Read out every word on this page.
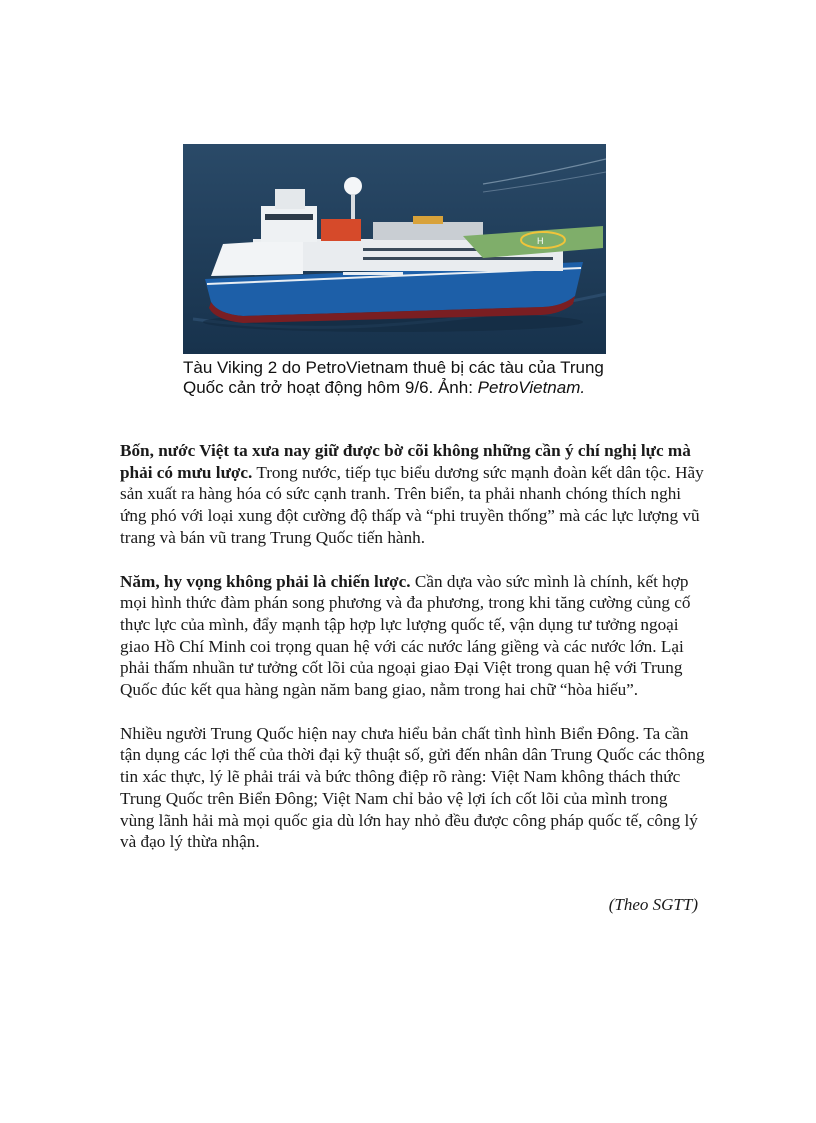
H
Tàu Viking 2 do PetroVietnam thuê bị các tàu của Trung Quốc cản trở hoạt động hôm 9/6. Ảnh: PetroVietnam.

Bốn, nước Việt ta xưa nay giữ được bờ cõi không những cần ý chí nghị lực mà phải có mưu lược. Trong nước, tiếp tục biểu dương sức mạnh đoàn kết dân tộc. Hãy sản xuất ra hàng hóa có sức cạnh tranh. Trên biển, ta phải nhanh chóng thích nghi ứng phó với loại xung đột cường độ thấp và “phi truyền thống” mà các lực lượng vũ trang và bán vũ trang Trung Quốc tiến hành.

Năm, hy vọng không phải là chiến lược. Cần dựa vào sức mình là chính, kết hợp mọi hình thức đàm phán song phương và đa phương, trong khi tăng cường củng cố thực lực của mình, đẩy mạnh tập hợp lực lượng quốc tế, vận dụng tư tưởng ngoại giao Hồ Chí Minh coi trọng quan hệ với các nước láng giềng và các nước lớn. Lại phải thấm nhuần tư tưởng cốt lõi của ngoại giao Đại Việt trong quan hệ với Trung Quốc đúc kết qua hàng ngàn năm bang giao, nằm trong hai chữ “hòa hiếu”.

Nhiều người Trung Quốc hiện nay chưa hiểu bản chất tình hình Biển Đông. Ta cần tận dụng các lợi thế của thời đại kỹ thuật số, gửi đến nhân dân Trung Quốc các thông tin xác thực, lý lẽ phải trái và bức thông điệp rõ ràng: Việt Nam không thách thức Trung Quốc trên Biển Đông; Việt Nam chỉ bảo vệ lợi ích cốt lõi của mình trong vùng lãnh hải mà mọi quốc gia dù lớn hay nhỏ đều được công pháp quốc tế, công lý và đạo lý thừa nhận.

(Theo SGTT)
